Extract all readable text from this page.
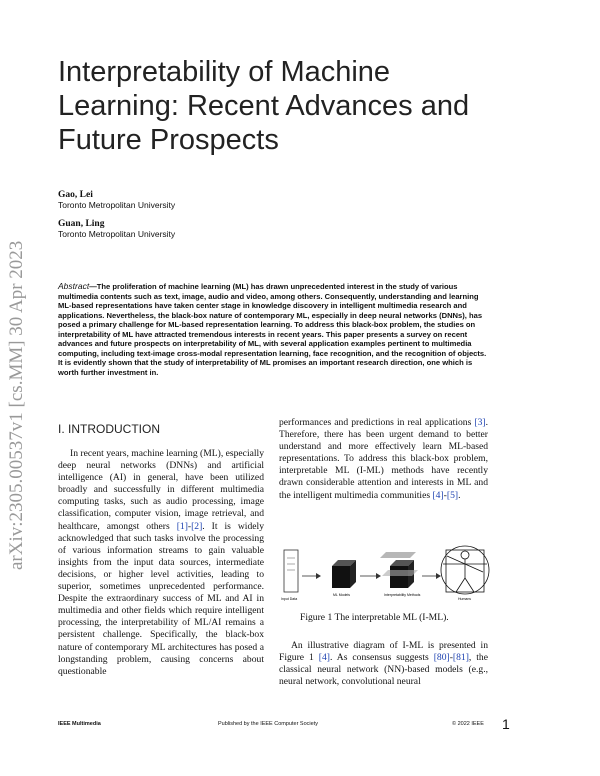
arXiv:2305.00537v1 [cs.MM] 30 Apr 2023
Interpretability of Machine Learning: Recent Advances and Future Prospects
Gao, Lei
Toronto Metropolitan University
Guan, Ling
Toronto Metropolitan University
Abstract—The proliferation of machine learning (ML) has drawn unprecedented interest in the study of various multimedia contents such as text, image, audio and video, among others. Consequently, understanding and learning ML-based representations have taken center stage in knowledge discovery in intelligent multimedia research and applications. Nevertheless, the black-box nature of contemporary ML, especially in deep neural networks (DNNs), has posed a primary challenge for ML-based representation learning. To address this black-box problem, the studies on interpretability of ML have attracted tremendous interests in recent years. This paper presents a survey on recent advances and future prospects on interpretability of ML, with several application examples pertinent to multimedia computing, including text-image cross-modal representation learning, face recognition, and the recognition of objects. It is evidently shown that the study of interpretability of ML promises an important research direction, one which is worth further investment in.
I. INTRODUCTION
In recent years, machine learning (ML), especially deep neural networks (DNNs) and artificial intelligence (AI) in general, have been utilized broadly and successfully in different multimedia computing tasks, such as audio processing, image classification, computer vision, image retrieval, and healthcare, amongst others [1]-[2]. It is widely acknowledged that such tasks involve the processing of various information streams to gain valuable insights from the input data sources, intermediate decisions, or higher level activities, leading to superior, sometimes unprecedented performance. Despite the extraordinary success of ML and AI in multimedia and other fields which require intelligent processing, the interpretability of ML/AI remains a persistent challenge. Specifically, the black-box nature of contemporary ML architectures has posed a longstanding problem, causing concerns about questionable
performances and predictions in real applications [3]. Therefore, there has been urgent demand to better understand and more effectively learn ML-based representations. To address this black-box problem, interpretable ML (I-ML) methods have recently drawn considerable attention and interests in ML and the intelligent multimedia communities [4]-[5].
Input Data
ML Models	Interpretability Methods
Humans
Figure 1 The interpretable ML (I-ML).
An illustrative diagram of I-ML is presented in Figure 1 [4]. As consensus suggests [80]-[81], the classical neural network (NN)-based models (e.g., neural network, convolutional neural
IEEE Multimedia	Published by the IEEE Computer Society	© 2022 IEEE 1
